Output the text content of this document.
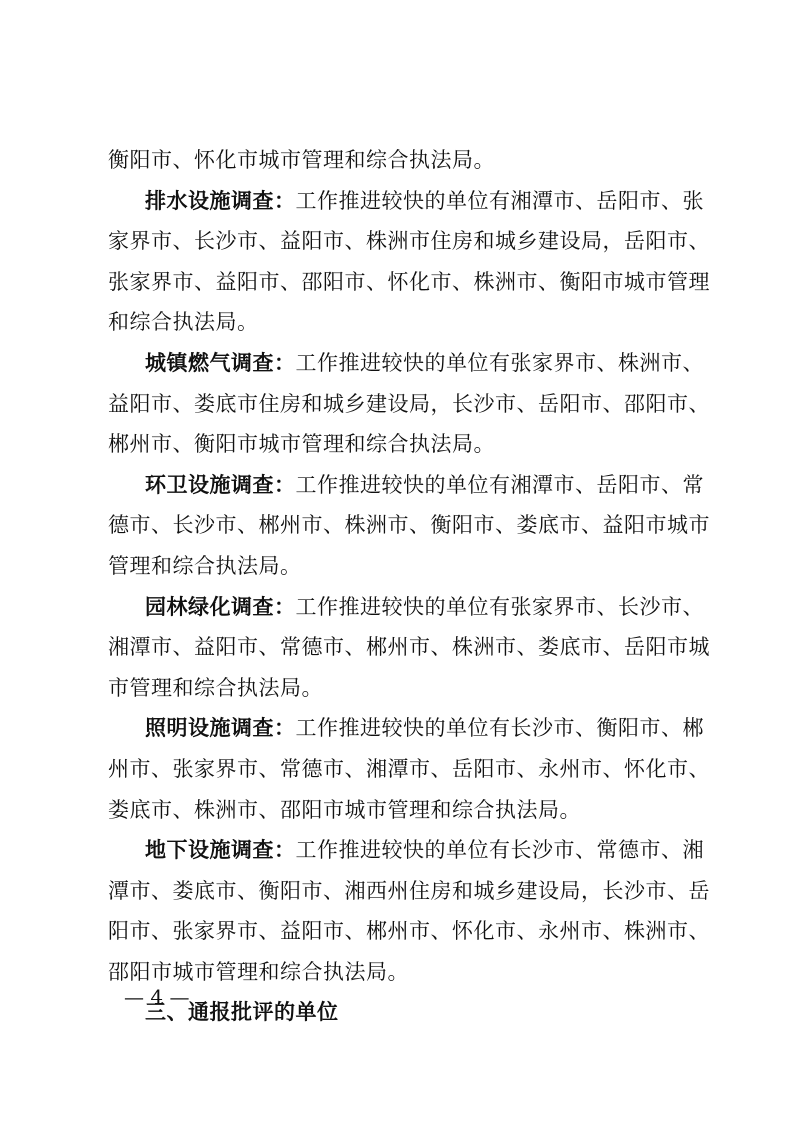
衡阳市、怀化市城市管理和综合执法局。
排水设施调查：工作推进较快的单位有湘潭市、岳阳市、张
家界市、长沙市、益阳市、株洲市住房和城乡建设局，岳阳市、
张家界市、益阳市、邵阳市、怀化市、株洲市、衡阳市城市管理
和综合执法局。
城镇燃气调查：工作推进较快的单位有张家界市、株洲市、
益阳市、娄底市住房和城乡建设局，长沙市、岳阳市、邵阳市、
郴州市、衡阳市城市管理和综合执法局。
环卫设施调查：工作推进较快的单位有湘潭市、岳阳市、常
德市、长沙市、郴州市、株洲市、衡阳市、娄底市、益阳市城市
管理和综合执法局。
园林绿化调查：工作推进较快的单位有张家界市、长沙市、
湘潭市、益阳市、常德市、郴州市、株洲市、娄底市、岳阳市城
市管理和综合执法局。
照明设施调查：工作推进较快的单位有长沙市、衡阳市、郴
州市、张家界市、常德市、湘潭市、岳阳市、永州市、怀化市、
娄底市、株洲市、邵阳市城市管理和综合执法局。
地下设施调查：工作推进较快的单位有长沙市、常德市、湘
潭市、娄底市、衡阳市、湘西州住房和城乡建设局，长沙市、岳
阳市、张家界市、益阳市、郴州市、怀化市、永州市、株洲市、
邵阳市城市管理和综合执法局。
三、通报批评的单位
— 4 —
